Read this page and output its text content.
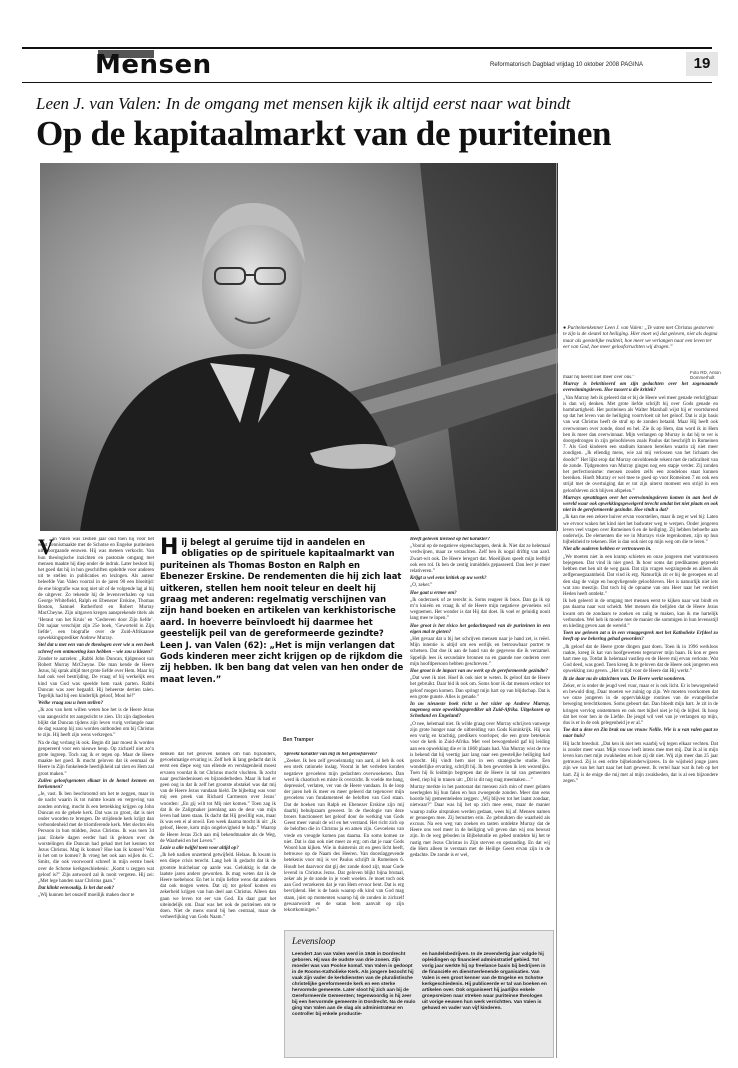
Mensen	Reformatorisch Dagblad vrijdag 10 oktober 2008 PAGINA	19
Leen J. van Valen: In de omgang met mensen kijk ik altijd eerst naar wat bindt
Op de kapitaalmarkt van de puriteinen
● Puriteinenkenner Leen J. van Valen: „Te vaten met Christus gestorven te zijn is de sleutel tot heiliging. Hier moet wij dat geloven, niet als dogma maar als geestelijke realiteit, hoe meer we verlangen naar een leven ter eer van God, hoe meer geloofsvruchten wij dragen.”
Foto RD, Anton Dommerholt
V

an Valen was zestien jaar oud toen hij voor het eerst kennismaakte met de Schotse en Engelse puriteinen uit voorgaande eeuwen. Hij was meteen verkocht. Van hun theologische inzichten en pastorale omgang met mensen maakte hij diep onder de indruk. Later besloot hij het goed dat hij in hun geschriften opdeltde voor anderen uit te stellen in publicaties en lezingen. Als auteur beleefde Van Valen voorral in de jaren 90 een bloeitijd: de ene biografie was nog niet uit of de volgende lag al bij de uitgever. Zo tekende hij de levensverhalen op van George Whitefield, Ralph en Ebenezer Erskine, Thomas Boston, Samuel Rutherford en Robert Murray MacCheyne. Zijn uitgaven kregen aansprekende titels als ‘Heraut van het Kruis’ en ‘Gedreven door Zijn liefde’. Dit najaar verschijnt zijn 25e boek, ‘Geworteld in Zijn liefde’, een biografie over de Zuid-Afrikaanse opwekkingsprediker Andrew Murray.

Stel dat u met een van de theologen over wie u een boek schreef een ontmoeting kon hebben – wie zou u kiezen?

Zonder te aarzelen: „Rabbi John Duncan, tijdgenoot van Robert Murray McCheyne. Die man kende de Heere Jezus, hij sprak altijd met grote liefde over Hem. Maar hij had ook veel bestrijding. De vraag of hij werkelijk een kind van God was speelde hem vaak parten. Rabbi Duncan was zeer begaafd. Hij beheerste dertien talen. Tegelijk had hij een kinderlijk geloof, Mooi hè!”

Welke vraag zou u hem stellen?

„Ik zou van hem willen weten hoe het is de Heere Jezus van aangezicht tot aangezicht te zien. Uit zijn dagboeken blijkt dat Duncan tijdens zijn leven vurig verlangde naar de dag waarop hij zou worden ontbonden om bij Christus te zijn. Hij heeft zijn wens verkregen.”

Na de dag verlang ik ook. Begin dit jaar moest ik worden geopereerd voor een nieuwe heup. Op zichzelf niet zo’n grote ingreep. Toch zag ik er tegen op. Maar de Heere maakte het goed. Ik mocht geloven dat ik eenmaal de Heere in Zijn fonkelende heerlijkheid zal zien en Hem zal groot maken.”

Zullen geloofsgenoten elkaar in de hemel kennen en herkennen?

„Je, vast. Ik ben beschroomd om het te zeggen, maar in de nacht waarin ik tot ruimte kwam en vergeving van zonden ontving, mocht ik een betrekking krijgen op John Duncan en de gehele kerk. Dat was zo groot, dat is niet onder woorden te brengen. De strijdende kerk krijgt dan verbondenheid met de triomferende kerk. Met slechts één Persoon in hun midden, Jezus Christus. Ik was toen 34 jaar. Enkele dagen eerder had ik gelezen over de worstelingen die Duncan had gehad met het kennen tot Jezus Christus. Mag ik komen? Hoe kan ik komen? Wat is het om te komen? Ik vroeg het ook aan wijlen ds. C. Smits, die ook voorwoord schreef in mijn eerste boek over de Schotse kerkgeschiedenis: „Komt u zeggen wat geloof is?” Zijn antwoord zal ik nooit vergeten. Hij zei: „Met lege handen naar Christus gaan.”

Dat klinkt eenvoudig. Is het dat ook?

„Wij kunnen het onszelf moeilijk maken door te

Hij belegt al geruime tijd in aandelen en obligaties op de spirituele kapitaalmarkt van puriteinen als Thomas Boston en Ralph en Ebenezer Erskine. De rendementen die hij zich laat uitkeren, stellen hem nooit teleur en deelt hij graag met anderen: regelmatig verschijnen van zijn hand boeken en artikelen van kerkhistorische aard. In hoeverre beïnvloedt hij daarmee het geestelijk peil van de gereformeerde gezindte? Leen J. van Valen (62): „Het is mijn verlangen dat Gods kinderen meer zicht krijgen op de rijkdom die zij hebben. Ik ben bang dat velen van hen onder de maat leven.”
Ben Tramper

denken dat het geloven kennen om hun bijzonders, gevoelsmatige ervaring is. Zelf heb ik lang gedacht dat ik eerst een diepe weg van ellende en verslagenheid moest ervaren voordat ik tot Christus mocht vluchten. Ik zocht naar geschiedenissen en bijzonderheden. Maar ik had er geen oog in dat ik zelf het grootste obstakel was dat mij van de Heere Jezus vandaan hield. De bijbeltag was voor mij een preek van Richard Carmeson over Jezus’ woorden: „En gij wilt tot Mij niet komen.” Toen zag ik dat ik de Zaligmaker jarenlang aan de deur van mijn leven had laten staan. Ik dacht dat Hij gewillig was, maar ik was een ei al onwil. Een week daarna mocht ik uit: „Ik geloof, Heere, kom mijn ongelovigheid te hulp.” Waarop de Heere Jezus Zich aan mij bekendmaakte als de Weg, de Waarheid en het Leven.”

Lezie u alle twijfel toen voor altijd op?

„Ik heb nadien onzettend getwijfeld. Helaas. Ik kwam in een diepe crisis terecht. Lang heb ik gedacht dat ik de grootste huichelaar op aarde was. Gelukkig is dat de laatste jaren anders geworden. Ik mag weten dat ik de Heere toebehoor. En het is mijn liefste wens dat anderen dat ook mogen weten. Dat zij tot geloof komen en zekerheid krijgen van hun deel aan Christus. Alleen dan gaan we leven tot eer van God. En daar gaat het uiteindelijk om. Daar was het ook de puriteinen om te doen. Niet de mens stond bij hen centraal, maar de verheerlijking van Gods Naam.”

Spreekt karakter van mij in het geloofsleven?

„Zeeker. Ik ben zelf gevoelsmatig van aard, al heb ik ook een sterk rationele inslag. Vooral in het verleden konden negatieve gevoelens mijn gedachten overwoekeren. Dan werd ik chaotisch en miste ik overzicht. Ik voelde me bang, depressief, verlaten, ver van de Heere vandaan. In de loop der jaren heb ik meer en meer geleerd dat tegenover mijn gevoelens van fundamenteel de beloften van God staan. Dat de boeken van Ralph en Ebenezer Erskine zijn mij daarbij behulpzaam geweest. In de theologie van deze broers functioneert het geloof door de werking van Gods Geest meer vanuit de wil en het verstand. Het richt zich op de beloften die in Christus ja en amen zijn. Gevoelens van vrede en vreugde komen pas daarna. En soms komen ze niet. Dat is dan ook niet meer zo erg; om dat je naar Gods Woord kan kijken. Wie in duisternis zit en geen licht heeft, betrouwe op de Naam des Heeren. Van doorslaggevende betekenis voor mij is ver Paulus schrijft in Romeinen 6. Houdt het daarvoor dat gij der zonde dood zijt, maar Gode levend in Christus Jezus. Dat geloven blijkt bijna brutaal, zeker als je de zonde in je voelt woelen. Je moet toch ook aan God verzekeren dat je van Hem ervoor bent. Dat is erg bevrijdend. Het is de basis waarop elk kind van God mag staan, juist op momenten waarop hij de zonden in zichzelf gewaarwordt en de satan hem aanvalt op zijn tekortkomingen.”

Levensloop
Leendert Jan van Valen werd in 1946 in Dordrecht geboren. Hij was de oudste van drie zonen. Zijn moeder was van Poolse komaf. Van Valen is gedoopt in de Rooms-Katholieke Kerk. Als jongere bezocht hij vaak zijn vader de kerkdiensten van de pluralistische christelijke gereformeerde kerk en een sterke hervormde gemeente. Later sloot hij zich aan bij de Gereformeerde Gemeenten; tegenwoordig is hij zeer bij een hervormde gemeente in Dordrecht. Na de mulo ging Van Valen aan de slag als administrateur en controller bij enkele productie-
en handelsbedrijven. In de zevendertig jaar volgde hij opleidingen op financieel administratief gebied. Tot vorig jaar werkte hij op freelance basis bij bedrijven in de financiële en dienstverlenende organisaties. Van Valen is een groot kenner van de Engelse en Schotse kerkgeschiedenis. Hij publiceerde er tal van boeken en artikelen over. Ook organiseert hij jaarlijks enkele groepsreizen naar streken waar puriteinse theologen uit vorige eeuwen hun werk verrichtten. Van Valen is gehuwd en vader van vijf kinderen.

Heeft geloven invloed op het karakter?

„Vooral op de negatieve eigenschappen, denk ik. Niet dat ze helemaal verdwijnen, maar ze verzachten. Zelf ben ik nogal driftig van aard. Zwart-wit ook. De Heere leregort dat. Moeilijken speelt mijn leeftijd ook een rol. Ik ben de zestig inmiddels gepasseerd. Dan leer je meer relativeren.”

Krijgt u wel eens kritiek op uw werk?

„O, zeker.”

Hoe gaat u ermee om?

„Ik onderzoek of ze terecht is. Soms reageer ik boos. Dan ga ik op m’n knieën en vraag ik of de Heere mijn negatieve gevoelens wil wegnemen. Het wonder is dat Hij dat doet. Ik voel er geluidig nooit lang mee te lopen.”

Hoe groot is het risico het gedachtegoed van de puriteinen in een eigen mal te gieten?

„Het gevaar dat u bij het schrijven mensen naar je hand zet, is reëel. Mijn intentie is altijd om een eerlijk en betrouwbaar portret te schetsen. Dat doe ik aan de hand van de gegevens die ik verzamel. Sppelijk lees ik secundaire bronnen na en gaande noe onderen over mijn hoofdpersoon hebben geschreven.”

Hoe groot is de impact van uw werk op de gereformeerde gezindte?

„Dat weet ik niet. Hoef ik ook niet te weten. Ik geloof dat de Heere het gebruikt. Daar bid ik ook om. Soms hoor ik dat mensen erdoor tot geloof mogen komen. Dan springt mijn hart op van blijdschap. Dat is een grote gunste. Alles is genade.”

In uw nieuwste boek richt u het vizier op Andrew Murray, nagenoeg onze opwekkingsprediker uit Zuid-Afrika. Uitgekozen op Schotland en Engeland?

„O nee, helemaal niet. Ik wilde graag over Murray schrijven vanwege zijn grote honger naar de uitbreiding van Gods Koninkrijk. Hij was een vurig en krachtig, predikers voorloper, die een grote betekenis voor de kerk in Zuid-Afrika. Met veel bewogenheid gaf hij leiding aan een opwekking die er in 1860 plaats had. Van Murray wist de ruw is bekend dat hij veertig jaar lang naar een geestelijke heiliging had gezocht. Hij vindt hem niet in een strategische studie. Een wonderlijke ervaring, schrijft hij. Ik ben geworden ik iets wezenlijks. Toen hij ik leidmijn begrepen dat de Heere in tal van gemeenten deed, riep hij in tranen uit: „Dit is dit nog mag meemaken…”

Murray merkte in het pastoraat dat mensen zich min of meer gelaten neerlegden bij hun falen en hun zwoegende zonden. Meer dan eens hoorde hij gemeenteleden zeggen: „Wij blijven tot het laatst zondaar, nietwaar?” Daar was hij het op zich mee eens, maar de manier waarop zulke uitspraken werden gedaan, wees hij af. Mensen namen er genoegen mee. Zij berustten erin. Ze gebruikten die waarheid als excuus. Na een weg van zoeken en tasten ontdekte Murray dat de Heere ons veel meer in de heiliging wil geven dan wij ons bewust zijn. In de weg geboden in Bijbelstudie en gebed ontdekte hij het te rustig met Jezus Christus in Zijn sterven en opstanding. En dat wij die Hem alleen te verstaan met de Heilige Geest ervan zijn in de gedachte. De zonde is er wel,

maar hij heerst niet meer over ons.”

Murray is bekritiseerd om zijn gedachten over het zogenaamde overwinningsleven. Hoe tussert u die kritiek?

„Van Murray heb ik geleerd dat er bij de Heere wel meer genade verkrijgbaar is dan wij denken. Met grote liefde schrijft hij over Gods genade en barmhartigheid. Het puriteinen als Walter Marshall wijst hij er voortdurend op dat het leven van de heiliging voortvloeit uit het geloof. Dat is zijn basis van wat Christus heeft de straf op de zonden betaald. Maar Hij heeft ook overwonnen over zonde, dood en hel. Zie ik op Hem, dan word ik in Hem ben ik meer dan overwinnaar. Mijn verlangen op Murray is dat hij te ver is doorgedrongen in zijn geloofsleven zoals Paulus dat beschrijft in Romeinen 7. Als God kinderen een stadium kunnen bereiken waarin zij niet meer zondigen. „Ik ellendig mens, wie zal mij verlossen van het lichaam des doods?” Het lijkt erop dat Murray onvoldoende rekent met de radicaliteit van de zonde. Tijdgenoten van Murray gingen nog een stapje verder. Zij zonden het perfectionisme: mensen zouden zelfs een zondeloos staat kunnen bereiken. Hoeft Murray er wel mee te goed op voor Romeinen 7 en ook een strijd met de overtuiging dat er tot zijn uiterst moment een strijd in een geloofsleven zich blijven afspelen.”

Murrays opvattingen over het overwinningsleven komen in aan heel de wereld waar ook opwekkingsgeweigerd terecht omdat het niet plaats en ook niet in de gereformeerde gezindte. Hoe vindt u dat?

„Ik kan me een zekere huiver ervan voorstellen, maar ik zeg er wel bij: Laten we ervoor waken het kind niet het badwater weg te werpen. Onder jongeren leven veel vragen over Romeinen 6 en de heiliging. Zij hebben behoefte aan onderwijs. De elementen die we in Murrays visie tegenkomen, zijn op hun bijbelsheid te tekenen. Het is dan ook niet op mijn weg om die te leren.”

Niet alle ouderen hebben er vertrouwen in.

„We moeten niet in een kramp schieten en onze jongeren met wantrouwen bejegenen. Dat vind ik niet goed. Ik hoor soms dat predikanten gepreekt hebben met hen uit de weg gaan. Dat zijn vragen wegzingende en alleen als zelfgenoegzaamheid. Dat vind ik erg. Natuurlijk zit er bij de geroepen en af den slag de vuige en hoogvliegende geloofsleven. Het is natuurlijk niet iets wat zou meezijn. Dat toch bij de opname van ons Heer naar het verdriet Heden heeft ontdekt.”

Ik heb geleerd in de omgang met mensen eerst te kijken naar wat bindt en pas daarna naar wat scheidt. Met mensen die belijden dat de Heere Jezus kwam om de zondaars te zoeken en zalig te maken, kan ik me hartelijk verbonden. Wel heb ik moeite met de manier die sommigen in hun levensstijl en kleding geven aan de wereld.”

Toen uw geloven zat u in een vraaggesprek met het Katholieke Erfdeel zo heeft op uw bekering gehad geworden?

„Ik geloof dat de Heere grote dingen gaat doen. Toen ik in 1996 werkloos raakte, kreeg ik kat van hoofgewetens tegenover mijn baan. Ik kon er geen hart mee op. Totdat ik helemaal vastliep en de Heere mij ervan verloste. Wat God deed, was goed. Toen kreeg ik te geloven dat de Heere ook jongeren een opwekking zou geven. „Het is tijd voor de Heere dat Hij werkt.”

Ik zie daar nu de uitzichten van. De Heere werkt wonderen.

Zeker, er is onder de jeugd veel vuur, maar er is ook licht. Er is bewogenheid en bewuld ding. Daar moeten we zuinig op zijn. We moeten voorkomen dat we onze jongeren in de oppervlakkige routines van de evangelische beweging terechtkomen. Soms gebeurt dat. Dan bloedt mijn hart. Je zit in de kringen vervlog onstemmen en ook met bijbel niet je bij de bijbel. Ik hoop dat het voor hen in de Liefde. De jeugd wil veel van je verlangen op mijn, dus is er in de ook gelegenheid je er al.”

Toe dat u deze en Zin brak nu uw vrouw Nellie. Wie is u van valen gaat zo naar huis?

Hij lacht breeduit. „Dat ken ik niet iets waarbij wij tegen elkaar vechten. Dat is zonder meer waar. Mijn vrouw leeft intens mee met mij. Dat ik al in mijn leven kon met mijn zwakheden en hoe zij dit niet. Wij zijn meer dan 25 jaar getrouwd. Zij is een echte bijbelonderwijzeres. In de wijsheid jonge jaren zijn we van het hart naar het hart geweest. Ik vertel haar wat ik heb op het hart. Zij is de enige die mij met al mijn zwakheden, dat is al een bijzondere zegen.”
